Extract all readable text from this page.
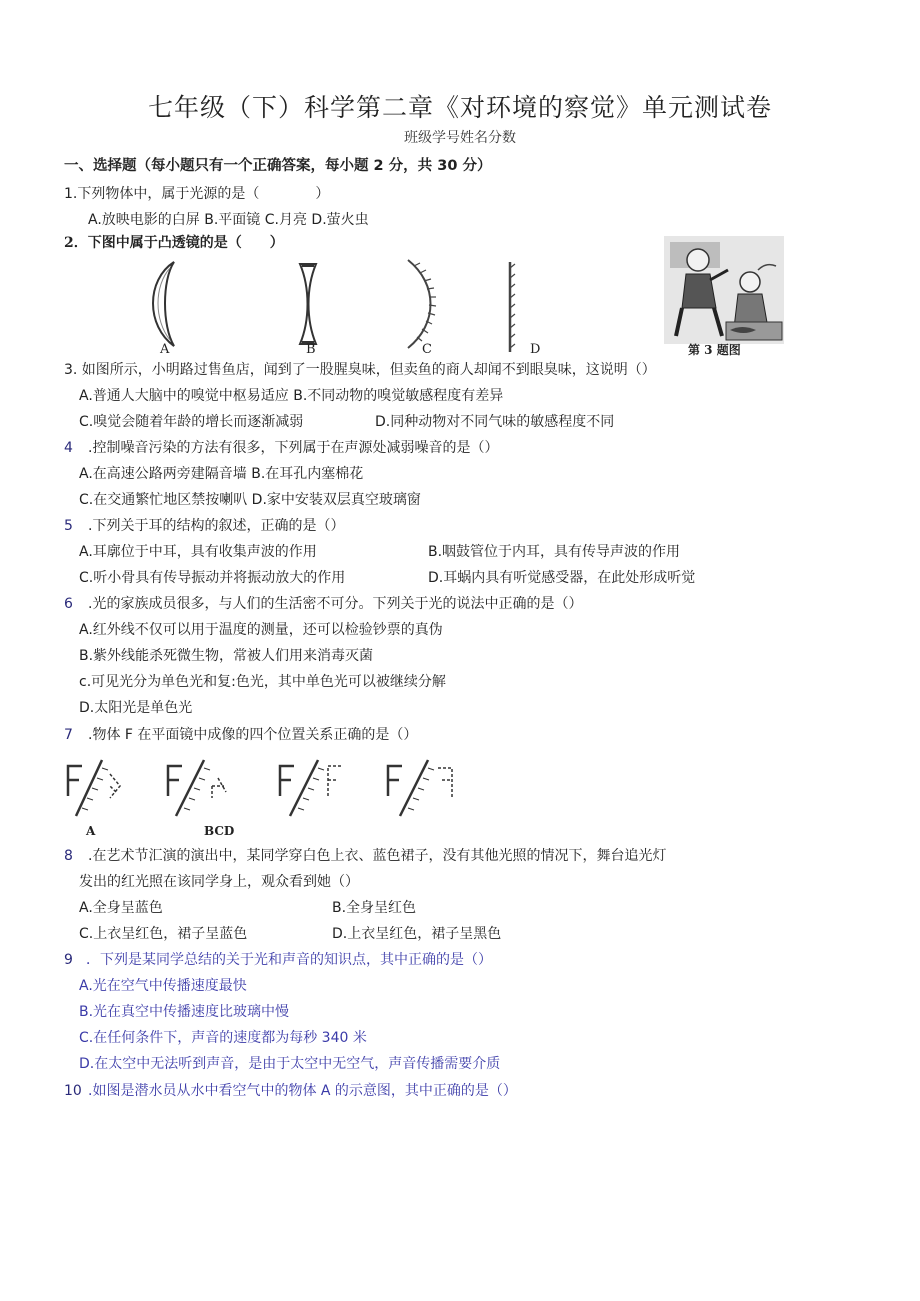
七年级（下）科学第二章《对环境的察觉》单元测试卷
班级学号姓名分数
一、选择题（每小题只有一个正确答案，每小题 2 分，共 30 分）
1.下列物体中，属于光源的是（　　　　）
A.放映电影的白屏 B.平面镜 C.月亮 D.萤火虫
2．下图中属于凸透镜的是（　　）
A	B	C	D	第 3 题图
3. 如图所示，小明路过售鱼店，闻到了一股腥臭味，但卖鱼的商人却闻不到眼臭味，这说明（）
A.普通人大脑中的嗅觉中枢易适应 B.不同动物的嗅觉敏感程度有差异
C.嗅觉会随着年龄的增长而逐渐减弱	D.同种动物对不同气味的敏感程度不同
4 .控制噪音污染的方法有很多，下列属于在声源处减弱噪音的是（）
A.在高速公路两旁建隔音墙 B.在耳孔内塞棉花
C.在交通繁忙地区禁按喇叭 D.家中安装双层真空玻璃窗
5 .下列关于耳的结构的叙述，正确的是（）
A.耳廓位于中耳，具有收集声波的作用	B.咽鼓管位于内耳，具有传导声波的作用
C.听小骨具有传导振动并将振动放大的作用	D.耳蜗内具有听觉感受器，在此处形成听觉
6 .光的家族成员很多，与人们的生活密不可分。下列关于光的说法中正确的是（）
A.红外线不仅可以用于温度的测量，还可以检验钞票的真伪
B.紫外线能杀死微生物，常被人们用来消毒灭菌
c.可见光分为单色光和复:色光，其中单色光可以被继续分解
D.太阳光是单色光
7 .物体 F 在平面镜中成像的四个位置关系正确的是（）
A	BCD
8 .在艺术节汇演的演出中，某同学穿白色上衣、蓝色裙子，没有其他光照的情况下，舞台追光灯
发出的红光照在该同学身上，观众看到她（）
A.全身呈蓝色	B.全身呈红色
C.上衣呈红色，裙子呈蓝色	D.上衣呈红色，裙子呈黑色
9 ．下列是某同学总结的关于光和声音的知识点，其中正确的是（）
A.光在空气中传播速度最快
B.光在真空中传播速度比玻璃中慢
C.在任何条件下，声音的速度都为每秒 340 米
D.在太空中无法听到声音，是由于太空中无空气，声音传播需要介质
10 .如图是潜水员从水中看空气中的物体 A 的示意图，其中正确的是（）
